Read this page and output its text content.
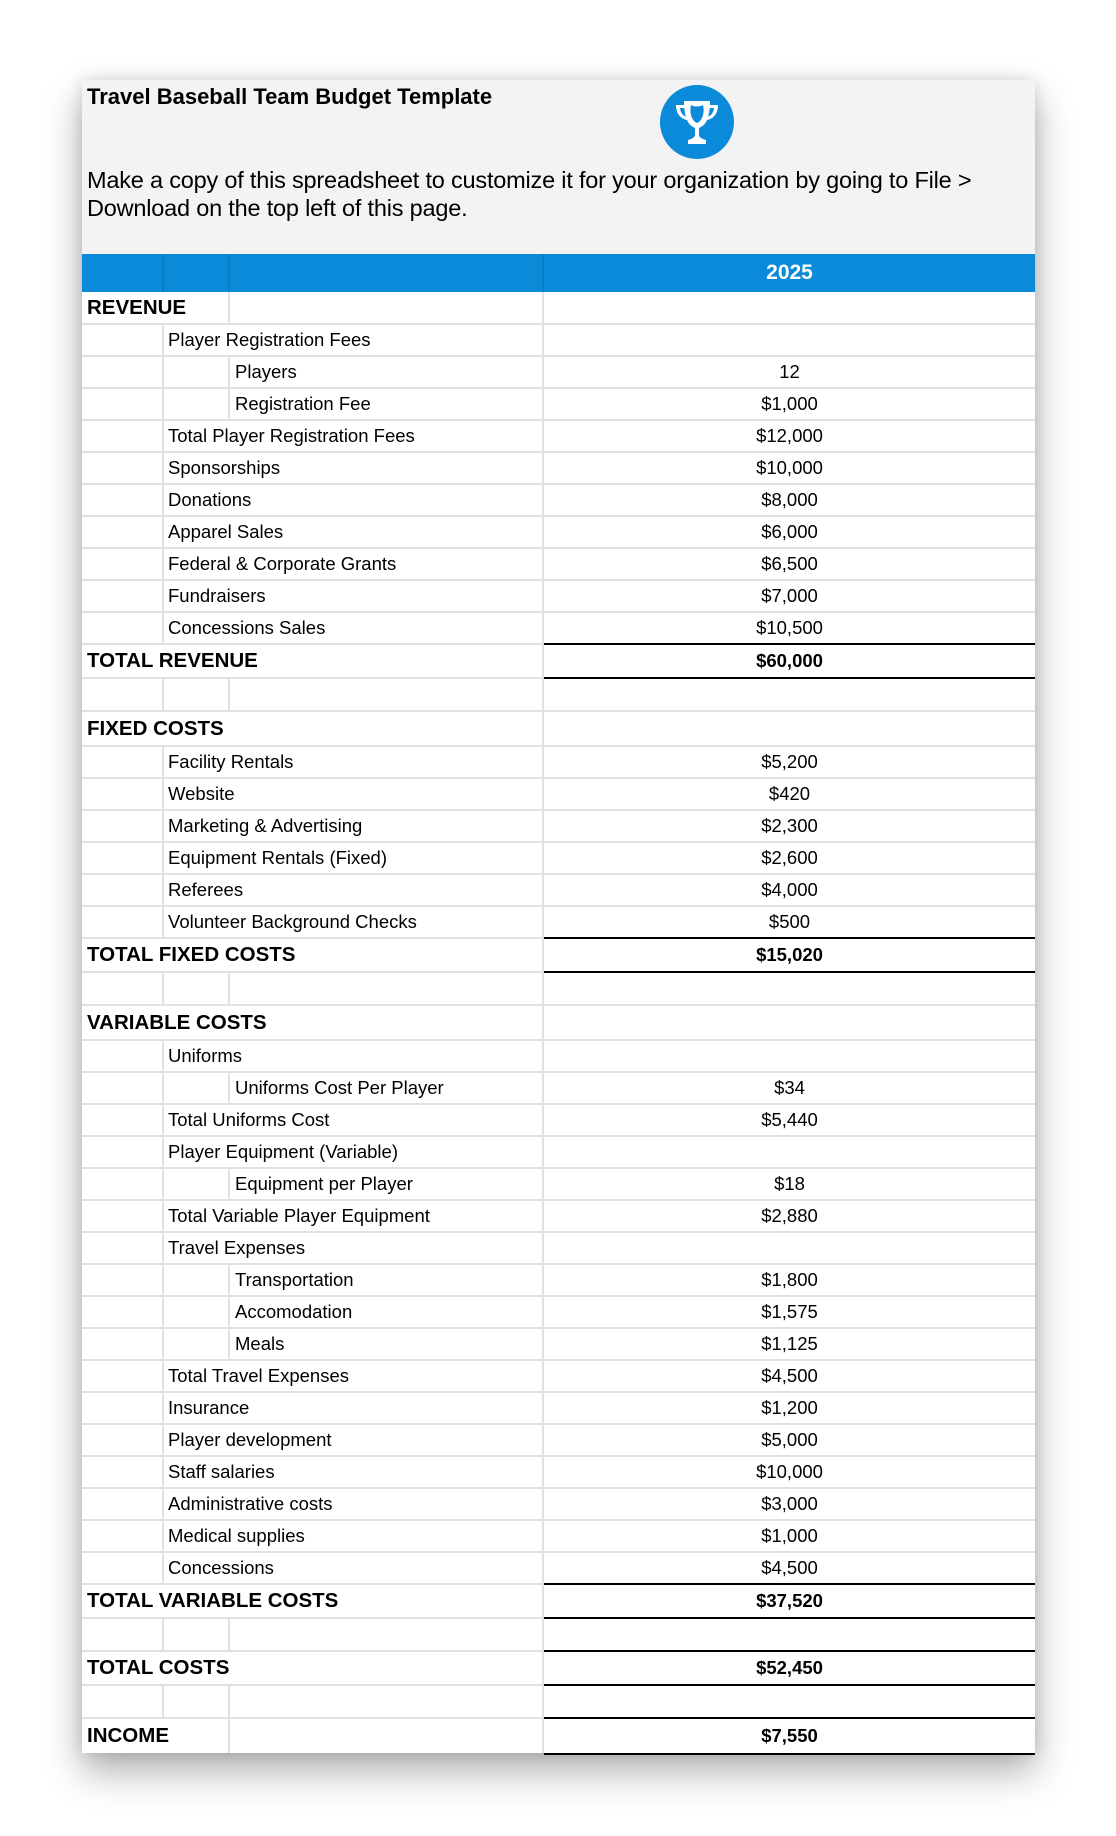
Travel Baseball Team Budget Template
Make a copy of this spreadsheet to customize it for your organization by going to File > Download on the top left of this page.
2025
REVENUE
Player Registration Fees
Players	12
Registration Fee	$1,000
Total Player Registration Fees	$12,000
Sponsorships	$10,000
Donations	$8,000
Apparel Sales	$6,000
Federal & Corporate Grants	$6,500
Fundraisers	$7,000
Concessions Sales	$10,500
TOTAL REVENUE	$60,000
FIXED COSTS
Facility Rentals	$5,200
Website	$420
Marketing & Advertising	$2,300
Equipment Rentals (Fixed)	$2,600
Referees	$4,000
Volunteer Background Checks	$500
TOTAL FIXED COSTS	$15,020
VARIABLE COSTS
Uniforms
Uniforms Cost Per Player	$34
Total Uniforms Cost	$5,440
Player Equipment (Variable)
Equipment per Player	$18
Total Variable Player Equipment	$2,880
Travel Expenses
Transportation	$1,800
Accomodation	$1,575
Meals	$1,125
Total Travel Expenses	$4,500
Insurance	$1,200
Player development	$5,000
Staff salaries	$10,000
Administrative costs	$3,000
Medical supplies	$1,000
Concessions	$4,500
TOTAL VARIABLE COSTS	$37,520
TOTAL COSTS	$52,450
INCOME	$7,550
